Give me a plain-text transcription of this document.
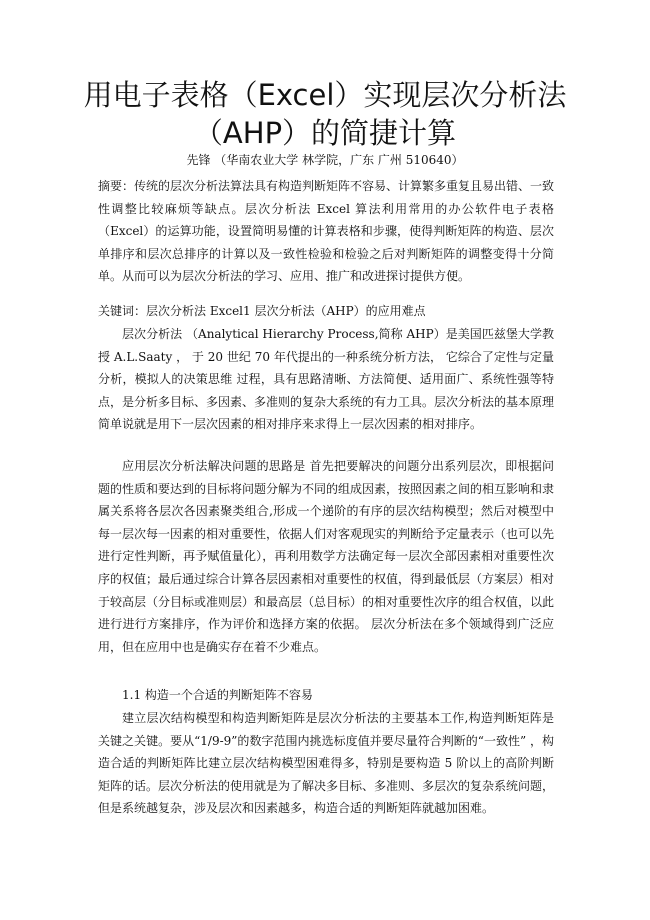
用电子表格（Excel）实现层次分析法
（AHP）的简捷计算
先锋 （华南农业大学 林学院，广东 广州 510640）

摘要：传统的层次分析法算法具有构造判断矩阵不容易、计算繁多重复且易出错、一致性调整比较麻烦等缺点。层次分析法 Excel 算法利用常用的办公软件电子表格（Excel）的运算功能，设置简明易懂的计算表格和步骤，使得判断矩阵的构造、层次单排序和层次总排序的计算以及一致性检验和检验之后对判断矩阵的调整变得十分简单。从而可以为层次分析法的学习、应用、推广和改进探讨提供方便。

关键词：层次分析法 Excel1 层次分析法（AHP）的应用难点

层次分析法 （Analytical Hierarchy Process,简称 AHP）是美国匹兹堡大学教授 A.L.Saaty ， 于 20 世纪 70 年代提出的一种系统分析方法， 它综合了定性与定量分析，模拟人的决策思维 过程，具有思路清晰、方法简便、适用面广、系统性强等特点，是分析多目标、多因素、多准则的复杂大系统的有力工具。层次分析法的基本原理简单说就是用下一层次因素的相对排序来求得上一层次因素的相对排序。

应用层次分析法解决问题的思路是 首先把要解决的问题分出系列层次，即根据问题的性质和要达到的目标将问题分解为不同的组成因素，按照因素之间的相互影响和隶属关系将各层次各因素聚类组合,形成一个递阶的有序的层次结构模型；然后对模型中每一层次每一因素的相对重要性，依据人们对客观现实的判断给予定量表示（也可以先进行定性判断，再予赋值量化），再利用数学方法确定每一层次全部因素相对重要性次序的权值；最后通过综合计算各层因素相对重要性的权值，得到最低层（方案层）相对于较高层（分目标或准则层）和最高层（总目标）的相对重要性次序的组合权值，以此 进行进行方案排序，作为评价和选择方案的依据。 层次分析法在多个领域得到广泛应用，但在应用中也是确实存在着不少难点。

1.1 构造一个合适的判断矩阵不容易

建立层次结构模型和构造判断矩阵是层次分析法的主要基本工作,构造判断矩阵是关键之关键。要从“1/9-9”的数字范围内挑选标度值并要尽量符合判断的“一致性” ，构造合适的判断矩阵比建立层次结构模型困难得多，特别是要构造 5 阶以上的高阶判断矩阵的话。层次分析法的使用就是为了解决多目标、多准则、多层次的复杂系统问题，但是系统越复杂，涉及层次和因素越多，构造合适的判断矩阵就越加困难。
